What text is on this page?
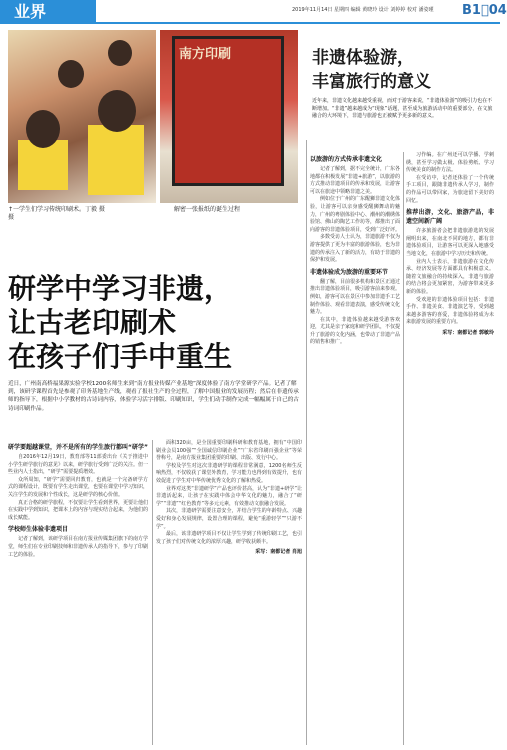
业界	2019年11月14日 星期四 编辑 黄晓玲 设计 刘婷婷 校对 潘姿瑾 B1⃣04
↑一学生们学习传统印刷术。丁毅 摄
摄
南方印刷
解密一张报纸的诞生过程
非遗体验游，
丰富旅行的意义
近年来，非遗文化越来越受重视，而对于游客来说，“非遗体验游”的吸引力也在不断增加。“非遗”越来越成为“现象”话题，甚至成为旅游活动中的重要部分，在文旅融合的大环境下，非遗与旅游也正被赋予更多新的意义。
研学中学习非遗，
让古老印刷术
在孩子们手中重生
近日，广州南高桥福果源实验学校1200名师生来到“南方报业传媒产业基地”深度体验了南方学堂研学产品。记者了解到，该研学课程首先是参观了印务基地生产线，观看了报社生产的全过程，了解中国报业的发展历程；然后在非遗传承师的指导下，根据中小学教材的古诗词内容，体验学习活字排版、印刷知识，学生们动手制作完成一幅幅属于自己的古诗词印刷作品。
研学要超越课堂，并不是所有的学生旅行都叫“研学”
自2016年12月19日，教育部等11部委出台《关于推进中小学生研学旅行的意见》以来，研学旅行受到广泛的关注。但一些业内人士指出，“研学”需要提质增效。
众所周知，“研学”需要回归教育，也就是一个完备研学方式的课程设计，既要有学生走出课堂，也要在课堂中学习知识，关注学生的发展和个性成长，这是研学的核心价值。
真正合格的研学旅程，不仅要让学生看到世界，更要让他们在实践中学到知识，把课本上的内容与现实结合起来，为他们的成长赋能。
学校师生体验非遗项目
记者了解到，该研学项目在南方报业传媒集团旗下的南方学堂，师生们在专业印刷技师和非遗传承人的指导下，参与了印刷工艺的体验。
面积320亩，是全国重要印刷科研和教育基地，拥有“中国印刷业会员100强”“全国诚信印刷企业”“广东省印刷百强企业”等荣誉称号，是南方报业集团重要的印刷、出版、发行中心。
学校及学生对这次非遗研学的课程非常满意，1200名师生反响热烈，不仅收获了课堂外教育，学习能力也得到有效提升，也有效促进了学生对中华传统优秀文化的了解和热爱。
业界对这类“非遗研学”产品也评价甚高，认为“非遗+研学”让非遗活起来，让孩子在实践中体会中华文化的魅力，融合了“研学”“非遗”“红色教育”等多元元素，有效推动文旅融合发展。
其次，非遗研学需要注意安全，并结合学生的年龄特点、兴趣爱好和身心发展规律，设置合理的课程，避免“重游轻学”“只游不学”。
最后，该非遗研学项目不仅让学生学到了传统印刷工艺，也引发了孩子们对传统文化的浓厚兴趣，研学收获颇丰。
采写：南都记者 肖旭
以旅游的方式传承非遗文化
记者了解到，据不完全统计，广东各地都在积极发展“非遗+旅游”，以旅游的方式推动非遗项目的传承和发展，让游客可以在旅途中领略非遗之美。
例如位于广州的广东醒狮非遗文化体验，让游客可以亲身感受醒狮舞动的魅力，广州的粤剧体验中心、潮州的潮绣体验馆、佛山的陶艺工作坊等，都推出了面向游客的非遗体验项目，受到广泛好评。
多数受访人士认为，非遗旅游不仅为游客提供了更为丰富的旅游体验，也为非遗的传承注入了新的活力，有助于非遗的保护和发展。
非遗体验成为旅游的重要环节
翻了解，目前很多机构和景区正通过推出非遗体验项目，吸引游客前来参观。例如，游客可以在景区中参加非遗手工艺制作体验、观看非遗表演，感受传统文化魅力。
在其中，非遗体验越来越受游客欢迎，尤其是亲子家庭和研学团队，不仅提升了旅游的文化内涵，也带动了非遗产品的销售和推广。
习作编。在广州还可以学播、学刺绣，甚至学习做太极、体验剪纸、学习传统美食的制作方法。
在受访中，记者还体验了一个传统手工项目，跟随非遗传承人学习，制作的作品可以带回家，为旅途留下美好的回忆。
推荐出游，文化、旅游产品，非遗空间新广阔
许多旅游者会把非遗旅游选的发展阐明出来，在南北不同的地方，都有非遗体验项目，让游客可以更深入地感受当地文化，在旅游中学习历史和传统。
业内人士表示，非遗旅游在文化传承、经济发展等方面都具有积极意义。随着文旅融合的持续深入，非遗与旅游的结合将会更加紧密，为游客带来更多新的体验。
受欢迎的非遗体验项目包括：非遗手作、非遗美食、非遗演艺等，受到越来越多游客的喜爱，非遗体验将成为未来旅游发展的重要方向。
采写：南都记者 郭敏玲
